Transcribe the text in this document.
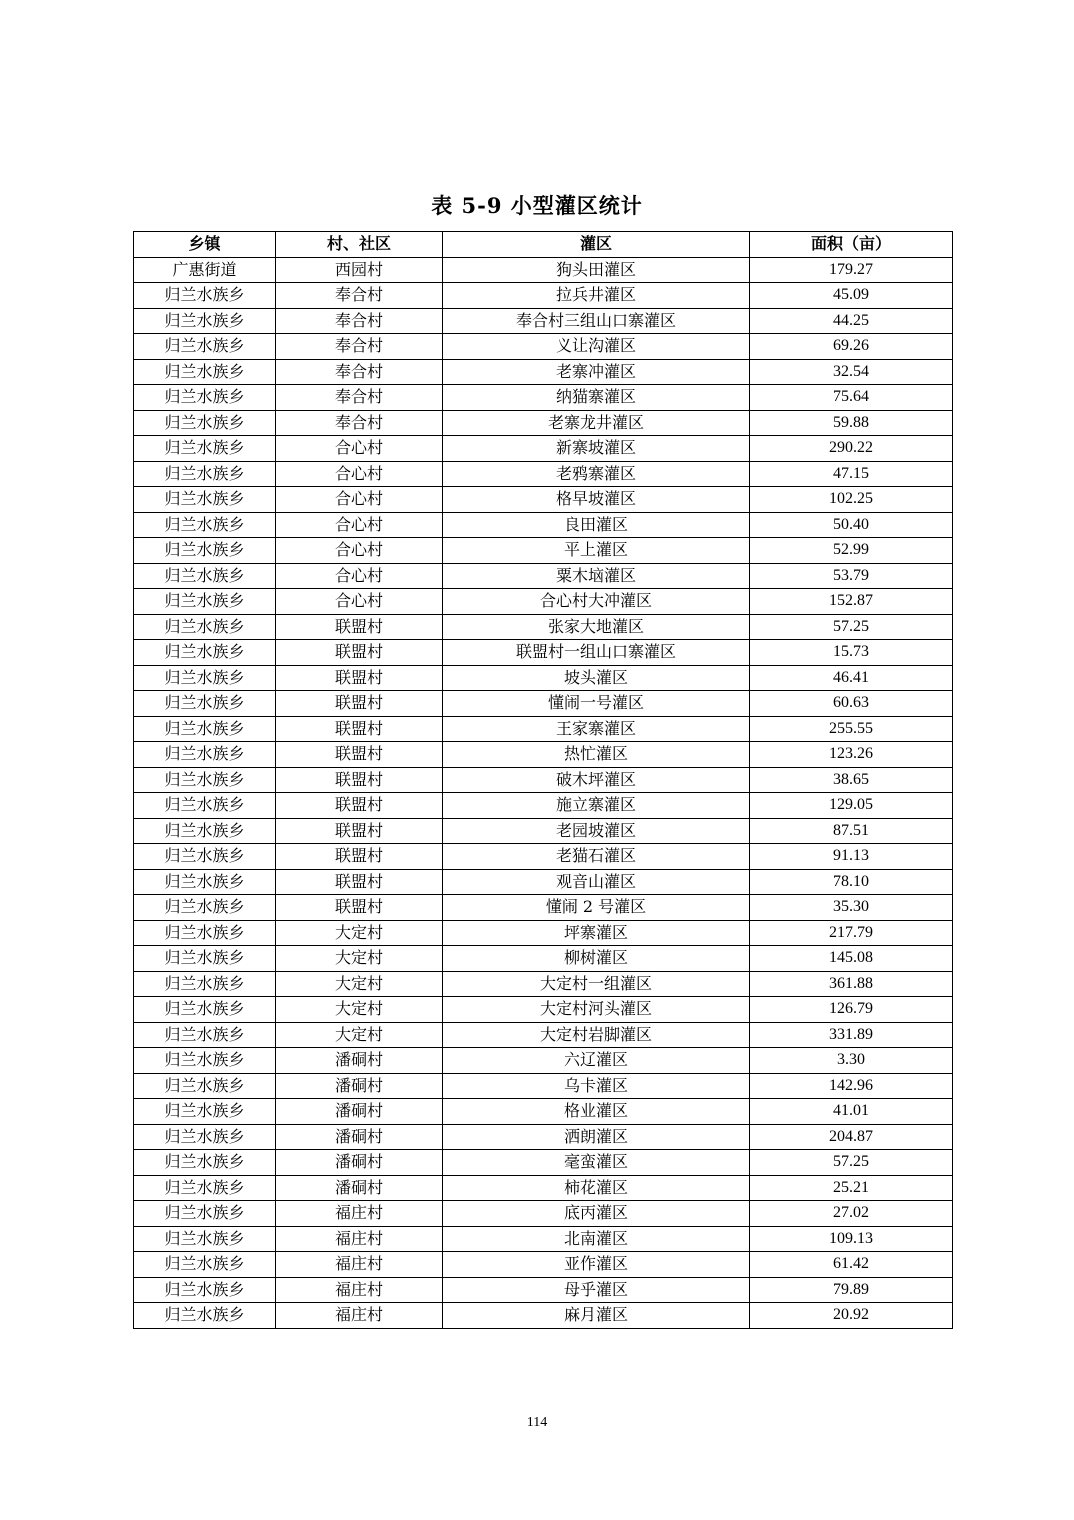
表 5-9 小型灌区统计
乡镇	村、社区	灌区	面积（亩）
广惠街道	西园村	狗头田灌区	179.27
归兰水族乡	奉合村	拉兵井灌区	45.09
归兰水族乡	奉合村	奉合村三组山口寨灌区	44.25
归兰水族乡	奉合村	义让沟灌区	69.26
归兰水族乡	奉合村	老寨冲灌区	32.54
归兰水族乡	奉合村	纳猫寨灌区	75.64
归兰水族乡	奉合村	老寨龙井灌区	59.88
归兰水族乡	合心村	新寨坡灌区	290.22
归兰水族乡	合心村	老鸦寨灌区	47.15
归兰水族乡	合心村	格早坡灌区	102.25
归兰水族乡	合心村	良田灌区	50.40
归兰水族乡	合心村	平上灌区	52.99
归兰水族乡	合心村	粟木垴灌区	53.79
归兰水族乡	合心村	合心村大冲灌区	152.87
归兰水族乡	联盟村	张家大地灌区	57.25
归兰水族乡	联盟村	联盟村一组山口寨灌区	15.73
归兰水族乡	联盟村	坡头灌区	46.41
归兰水族乡	联盟村	懂闹一号灌区	60.63
归兰水族乡	联盟村	王家寨灌区	255.55
归兰水族乡	联盟村	热忙灌区	123.26
归兰水族乡	联盟村	破木坪灌区	38.65
归兰水族乡	联盟村	施立寨灌区	129.05
归兰水族乡	联盟村	老园坡灌区	87.51
归兰水族乡	联盟村	老猫石灌区	91.13
归兰水族乡	联盟村	观音山灌区	78.10
归兰水族乡	联盟村	懂闹 2 号灌区	35.30
归兰水族乡	大定村	坪寨灌区	217.79
归兰水族乡	大定村	柳树灌区	145.08
归兰水族乡	大定村	大定村一组灌区	361.88
归兰水族乡	大定村	大定村河头灌区	126.79
归兰水族乡	大定村	大定村岩脚灌区	331.89
归兰水族乡	潘硐村	六辽灌区	3.30
归兰水族乡	潘硐村	乌卡灌区	142.96
归兰水族乡	潘硐村	格业灌区	41.01
归兰水族乡	潘硐村	洒朗灌区	204.87
归兰水族乡	潘硐村	毫蛮灌区	57.25
归兰水族乡	潘硐村	柿花灌区	25.21
归兰水族乡	福庄村	底丙灌区	27.02
归兰水族乡	福庄村	北南灌区	109.13
归兰水族乡	福庄村	亚作灌区	61.42
归兰水族乡	福庄村	母乎灌区	79.89
归兰水族乡	福庄村	麻月灌区	20.92
114
